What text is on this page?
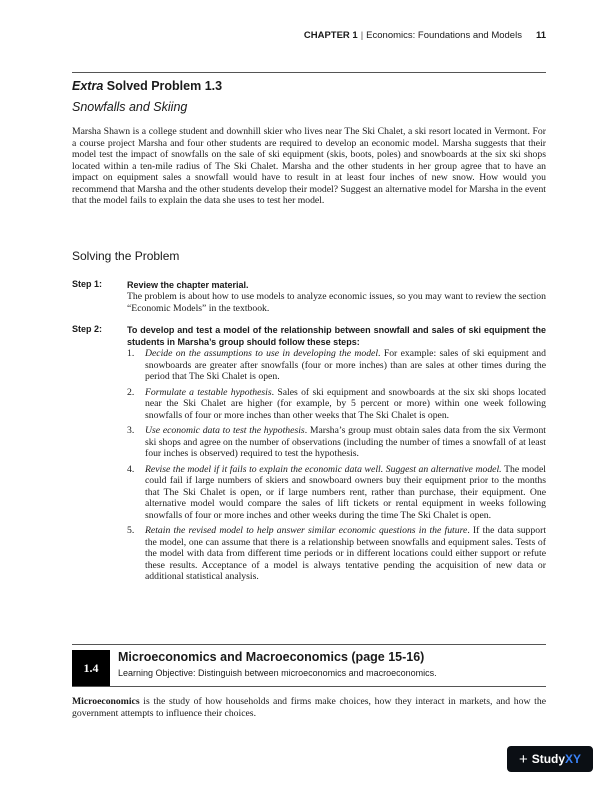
CHAPTER 1 | Economics: Foundations and Models 11
Extra Solved Problem 1.3
Snowfalls and Skiing

Marsha Shawn is a college student and downhill skier who lives near The Ski Chalet, a ski resort located in Vermont. For a course project Marsha and four other students are required to develop an economic model. Marsha suggests that their model test the impact of snowfalls on the sale of ski equipment (skis, boots, poles) and snowboards at the six ski shops located within a ten-mile radius of The Ski Chalet. Marsha and the other students in her group agree that to have an impact on equipment sales a snowfall would have to result in at least four inches of new snow. How would you recommend that Marsha and the other students develop their model? Suggest an alternative model for Marsha in the event that the model fails to explain the data she uses to test her model.

Solving the Problem
Step 1:	Review the chapter material.
The problem is about how to use models to analyze economic issues, so you may want to review the section “Economic Models” in the textbook.
Step 2:	To develop and test a model of the relationship between snowfall and sales of ski equipment the students in Marsha’s group should follow these steps:
1. Decide on the assumptions to use in developing the model. For example: sales of ski equipment and snowboards are greater after snowfalls (four or more inches) than are sales at other times during the period that The Ski Chalet is open.
2. Formulate a testable hypothesis. Sales of ski equipment and snowboards at the six ski shops located near the Ski Chalet are higher (for example, by 5 percent or more) within one week following snowfalls of four or more inches than other weeks that The Ski Chalet is open.
3. Use economic data to test the hypothesis. Marsha’s group must obtain sales data from the six Vermont ski shops and agree on the number of observations (including the number of times a snowfall of at least four inches is observed) required to test the hypothesis.
4. Revise the model if it fails to explain the economic data well. Suggest an alternative model. The model could fail if large numbers of skiers and snowboard owners buy their equipment prior to the months that The Ski Chalet is open, or if large numbers rent, rather than purchase, their equipment. One alternative model would compare the sales of lift tickets or rental equipment in weeks following snowfalls of four or more inches and other weeks during the time The Ski Chalet is open.
5. Retain the revised model to help answer similar economic questions in the future. If the data support the model, one can assume that there is a relationship between snowfalls and equipment sales. Tests of the model with data from different time periods or in different locations could either support or refute these results. Acceptance of a model is always tentative pending the acquisition of new data or additional statistical analysis.
1.4
Microeconomics and Macroeconomics (page 15-16)
Learning Objective: Distinguish between microeconomics and macroeconomics.

Microeconomics is the study of how households and firms make choices, how they interact in markets, and how the government attempts to influence their choices.

+ StudyXY
